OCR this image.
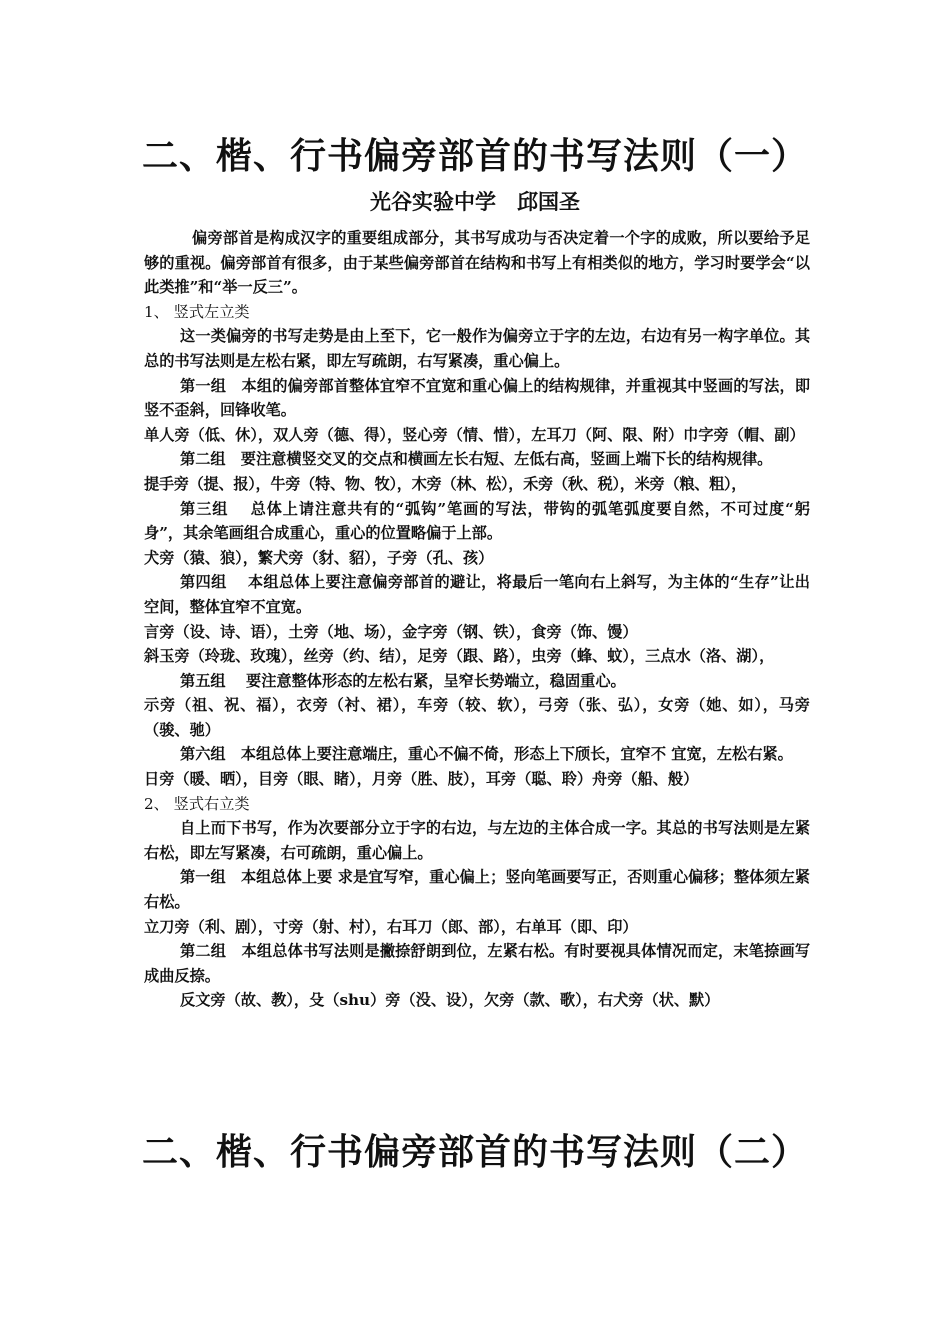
二、楷、行书偏旁部首的书写法则（一）
光谷实验中学　邱国圣

偏旁部首是构成汉字的重要组成部分，其书写成功与否决定着一个字的成败，所以要给予足够的重视。偏旁部首有很多，由于某些偏旁部首在结构和书写上有相类似的地方，学习时要学会“以此类推”和“举一反三”。

1、 竖式左立类

这一类偏旁的书写走势是由上至下，它一般作为偏旁立于字的左边，右边有另一构字单位。其总的书写法则是左松右紧，即左写疏朗，右写紧凑，重心偏上。

第一组　本组的偏旁部首整体宜窄不宜宽和重心偏上的结构规律，并重视其中竖画的写法，即竖不歪斜，回锋收笔。

单人旁（低、休），双人旁（德、得），竖心旁（情、惜），左耳刀（阿、限、附）巾字旁（帽、副）

第二组　要注意横竖交叉的交点和横画左长右短、左低右高，竖画上端下长的结构规律。

提手旁（提、报），牛旁（特、物、牧），木旁（林、松），禾旁（秋、税），米旁（粮、粗），

第三组　 总体上请注意共有的“弧钩”笔画的写法，带钩的弧笔弧度要自然，不可过度“躬身”，其余笔画组合成重心，重心的位置略偏于上部。

犬旁（猿、狼），繁犬旁（豺、貂），子旁（孔、孩）

第四组　 本组总体上要注意偏旁部首的避让，将最后一笔向右上斜写，为主体的“生存”让出空间，整体宜窄不宜宽。

言旁（设、诗、语），土旁（地、场），金字旁（钢、铁），食旁（饰、馒）

斜玉旁（玲珑、玫瑰），丝旁（约、结），足旁（跟、路），虫旁（蜂、蚊），三点水（洛、湖），

第五组　 要注意整体形态的左松右紧，呈窄长势端立，稳固重心。

示旁（祖、祝、福），衣旁（衬、裙），车旁（较、软），弓旁（张、弘），女旁（她、如），马旁（骏、驰）

第六组　本组总体上要注意端庄，重心不偏不倚，形态上下颀长，宜窄不 宜宽，左松右紧。

日旁（暖、晒），目旁（眼、睹），月旁（胜、肢），耳旁（聪、聆）舟旁（船、般）

2、 竖式右立类

自上而下书写，作为次要部分立于字的右边，与左边的主体合成一字。其总的书写法则是左紧右松，即左写紧凑，右可疏朗，重心偏上。

第一组　本组总体上要 求是宜写窄，重心偏上；竖向笔画要写正，否则重心偏移；整体须左紧右松。

立刀旁（利、剧），寸旁（射、村），右耳刀（郎、部），右单耳（即、印）

第二组　本组总体书写法则是撇捺舒朗到位，左紧右松。有时要视具体情况而定，末笔捺画写成曲反捺。

反文旁（故、教），殳（shu）旁（没、设），欠旁（款、歌），右犬旁（状、默）

二、楷、行书偏旁部首的书写法则（二）
